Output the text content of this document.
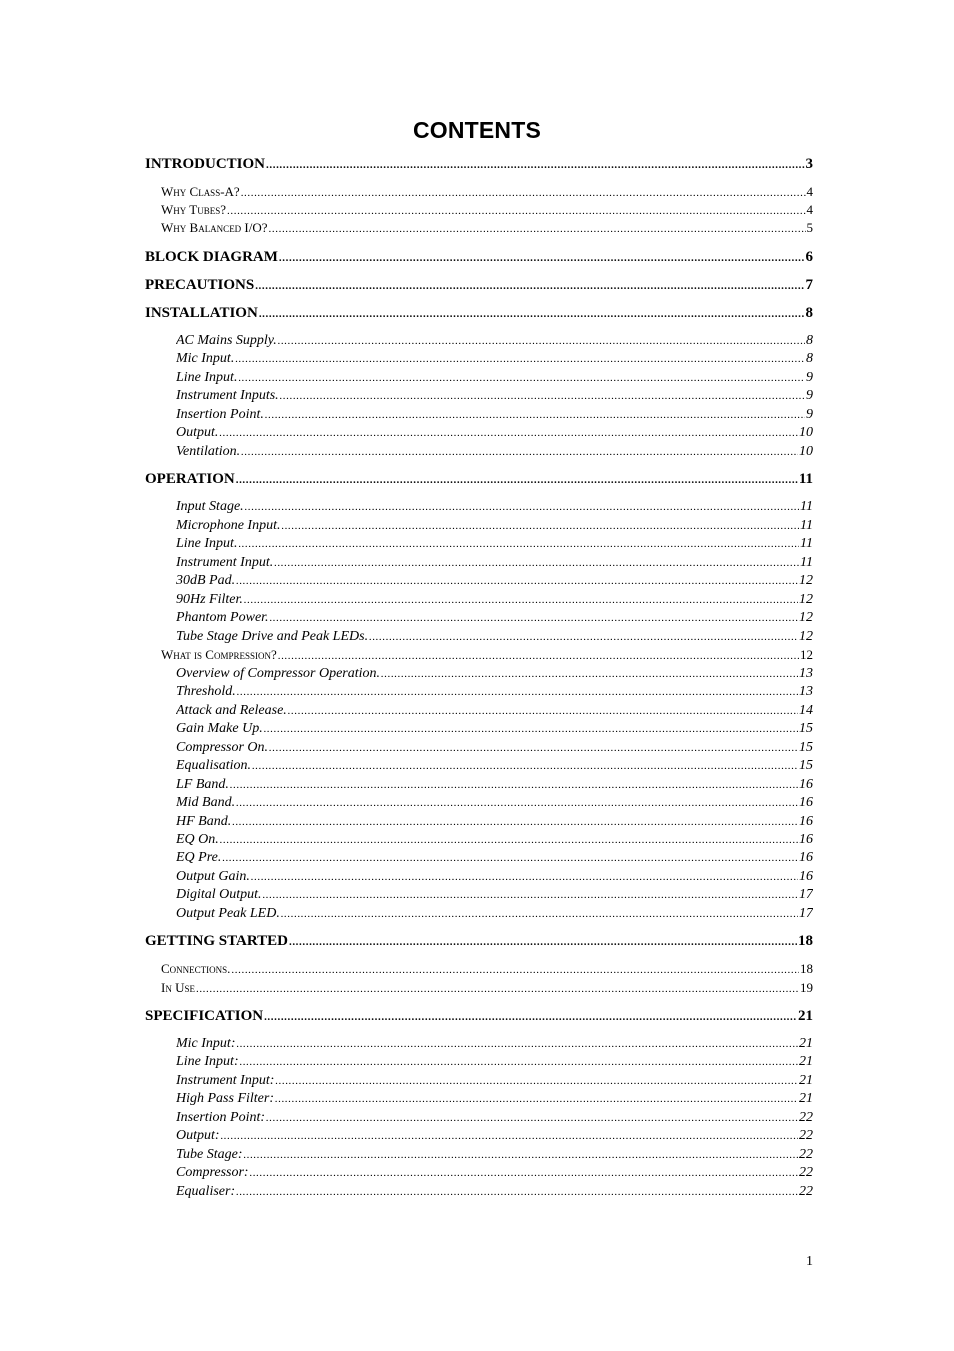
CONTENTS
INTRODUCTION .....	3
Why Class-A? .....	4
Why Tubes? .....	4
Why Balanced I/O? .....	5
BLOCK DIAGRAM .....	6
PRECAUTIONS .....	7
INSTALLATION .....	8
AC Mains Supply. .....	8
Mic Input. .....	8
Line Input. .....	9
Instrument Inputs. .....	9
Insertion Point. .....	9
Output. .....	10
Ventilation. .....	10
OPERATION .....	11
Input Stage. .....	11
Microphone Input. .....	11
Line Input. .....	11
Instrument Input. .....	11
30dB Pad. .....	12
90Hz Filter. .....	12
Phantom Power. .....	12
Tube Stage Drive and Peak LEDs. .....	12
What is Compression? .....	12
Overview of Compressor Operation. .....	13
Threshold. .....	13
Attack and Release. .....	14
Gain Make Up. .....	15
Compressor On. .....	15
Equalisation. .....	15
LF Band. .....	16
Mid Band. .....	16
HF Band. .....	16
EQ On. .....	16
EQ Pre. .....	16
Output Gain. .....	16
Digital Output. .....	17
Output Peak LED. .....	17
GETTING STARTED .....	18
Connections. .....	18
In Use .....	19
SPECIFICATION .....	21
Mic Input: .....	21
Line Input: .....	21
Instrument Input: .....	21
High Pass Filter: .....	21
Insertion Point: .....	22
Output: .....	22
Tube Stage: .....	22
Compressor: .....	22
Equaliser: .....	22
1
